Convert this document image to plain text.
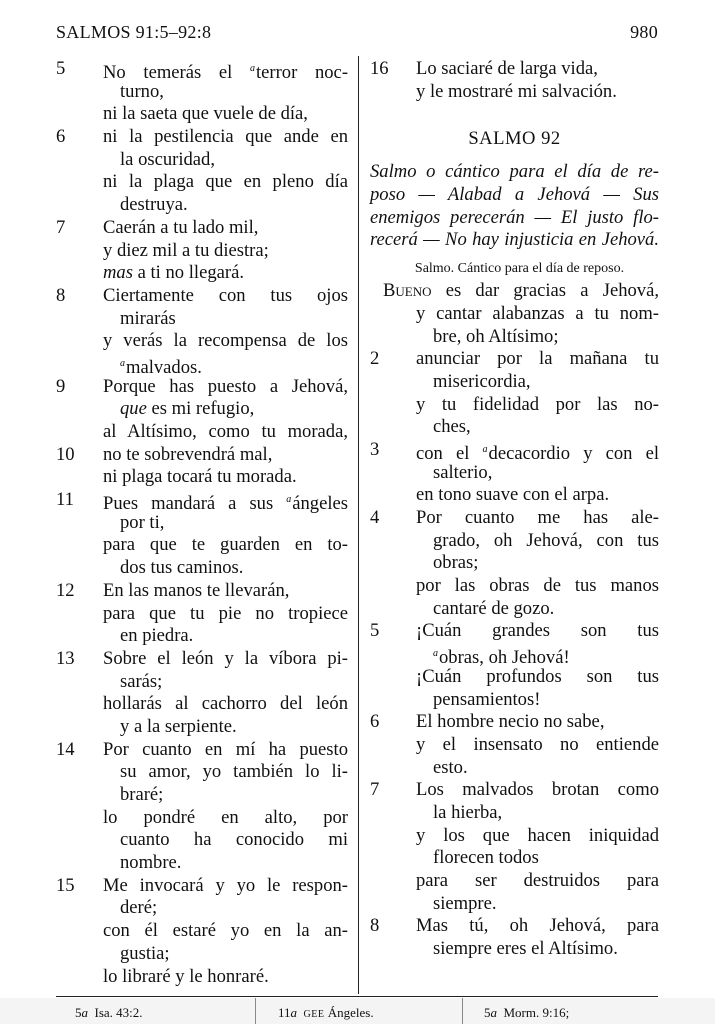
SALMOS 91:5–92:8	980
5	No temerás el $^a$terror noc-
turno,
ni la saeta que vuele de día,
6	ni la pestilencia que ande en
la oscuridad,
ni la plaga que en pleno día
destruya.
7	Caerán a tu lado mil,
y diez mil a tu diestra;
mas a ti no llegará.
8	Ciertamente con tus ojos
mirarás
y verás la recompensa de los
$^a$malvados.
9	Porque has puesto a Jehová,
que es mi refugio,
al Altísimo, como tu morada,
10	no te sobrevendrá mal,
ni plaga tocará tu morada.
11	Pues mandará a sus $^a$ángeles
por ti,
para que te guarden en to-
dos tus caminos.
12	En las manos te llevarán,
para que tu pie no tropiece
en piedra.
13	Sobre el león y la víbora pi-
sarás;
hollarás al cachorro del león
y a la serpiente.
14	Por cuanto en mí ha puesto
su amor, yo también lo li-
braré;
lo pondré en alto, por
cuanto ha conocido mi
nombre.
15	Me invocará y yo le respon-
deré;
con él estaré yo en la an-
gustia;
lo libraré y le honraré.
16	Lo saciaré de larga vida,
y le mostraré mi salvación.
SALMO 92
Salmo o cántico para el día de re-
poso — Alabad a Jehová — Sus
enemigos perecerán — El justo flo-
recerá — No hay injusticia en Jehová.
Salmo. Cántico para el día de reposo.
Bueno es dar gracias a Jehová,
y cantar alabanzas a tu nom-
bre, oh Altísimo;
2	anunciar por la mañana tu
misericordia,
y tu fidelidad por las no-
ches,
3	con el $^a$decacordio y con el
salterio,
en tono suave con el arpa.
4	Por cuanto me has ale-
grado, oh Jehová, con tus
obras;
por las obras de tus manos
cantaré de gozo.
5	¡Cuán grandes son tus
$^a$obras, oh Jehová!
¡Cuán profundos son tus
pensamientos!
6	El hombre necio no sabe,
y el insensato no entiende
esto.
7	Los malvados brotan como
la hierba,
y los que hacen iniquidad
florecen todos
para ser destruidos para
siempre.
8	Mas tú, oh Jehová, para
siempre eres el Altísimo.
5a Isa. 43:2.	11a GEE Ángeles.	5a Morm. 9:16;
